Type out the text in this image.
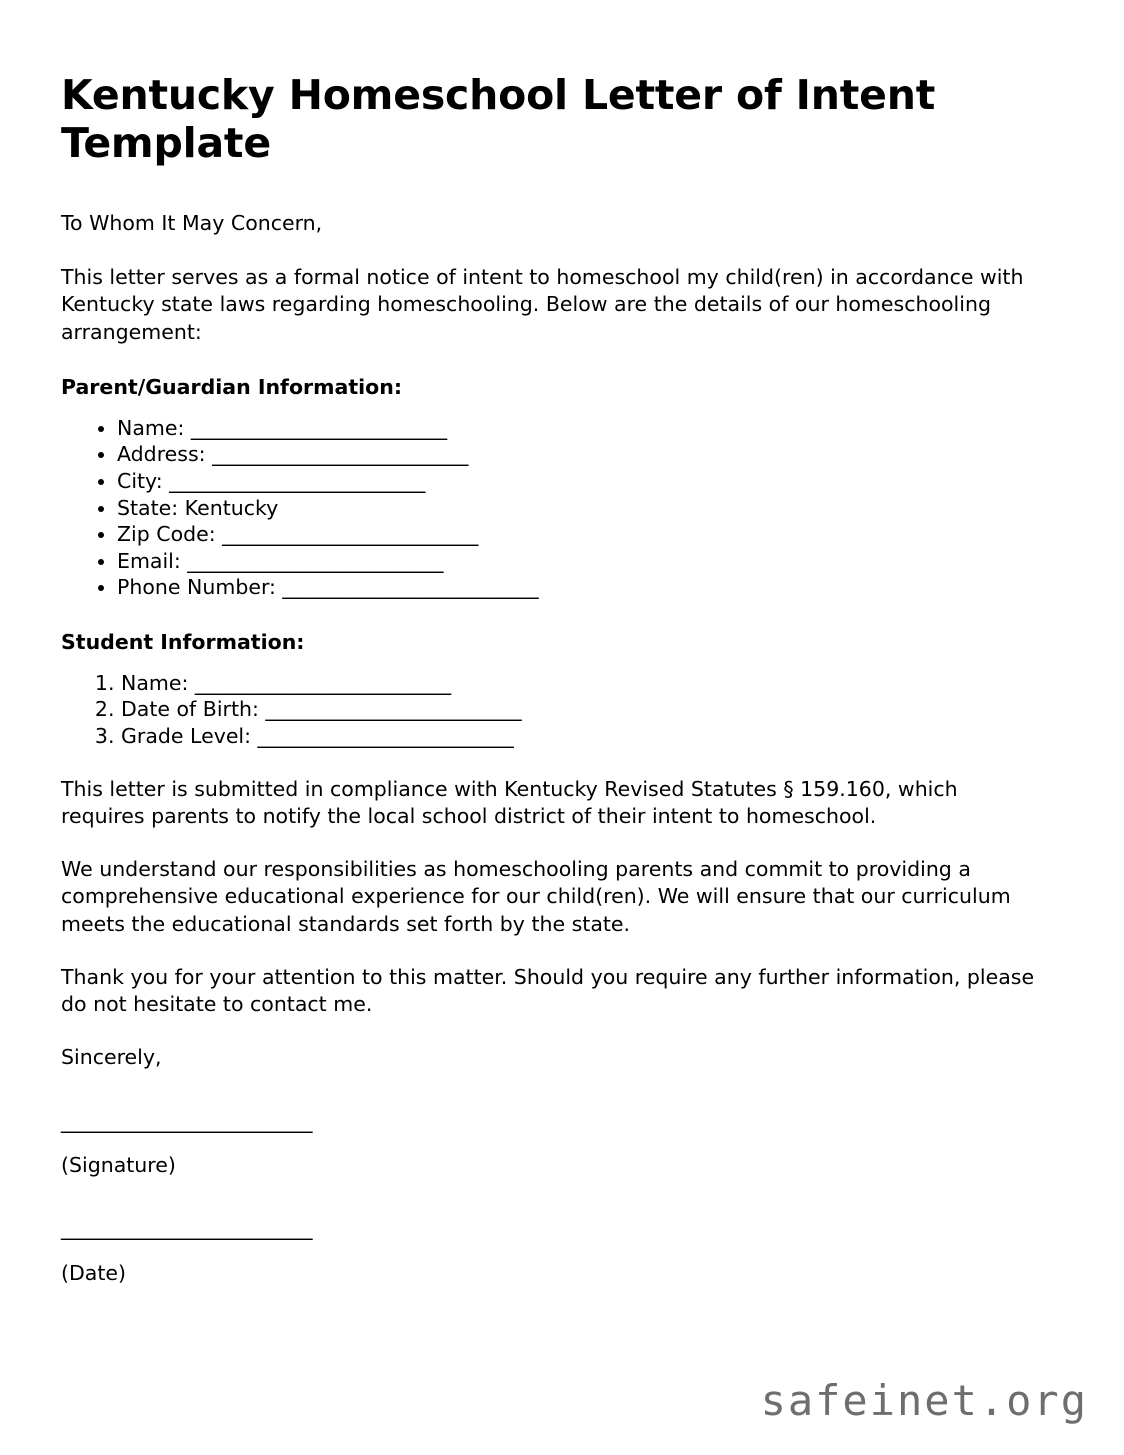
Kentucky Homeschool Letter of Intent Template

To Whom It May Concern,

This letter serves as a formal notice of intent to homeschool my child(ren) in accordance with Kentucky state laws regarding homeschooling. Below are the details of our homeschooling arrangement:

Parent/Guardian Information:
• Name: _________________________
• Address: _________________________
• City: _________________________
• State: Kentucky
• Zip Code: _________________________
• Email: _________________________
• Phone Number: _________________________
Student Information:
1. Name: _________________________
2. Date of Birth: _________________________
3. Grade Level: _________________________

This letter is submitted in compliance with Kentucky Revised Statutes § 159.160, which requires parents to notify the local school district of their intent to homeschool.

We understand our responsibilities as homeschooling parents and commit to providing a comprehensive educational experience for our child(ren). We will ensure that our curriculum meets the educational standards set forth by the state.

Thank you for your attention to this matter. Should you require any further information, please do not hesitate to contact me.

Sincerely,

_________________________

(Signature)

_________________________

(Date)

safeinet.org
